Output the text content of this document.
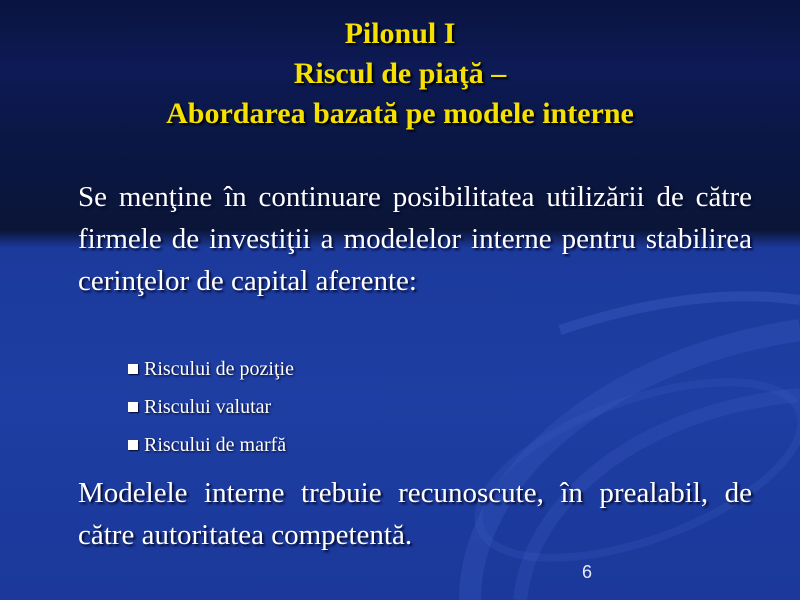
Pilonul I
Riscul de piaţă –
Abordarea bazată pe modele interne

Se menţine în continuare posibilitatea utilizării de către firmele de investiţii a modelelor interne pentru stabilirea cerinţelor de capital aferente:

Riscului de poziţie
Riscului valutar
Riscului de marfă

Modelele interne trebuie recunoscute, în prealabil, de către autoritatea competentă.

6
